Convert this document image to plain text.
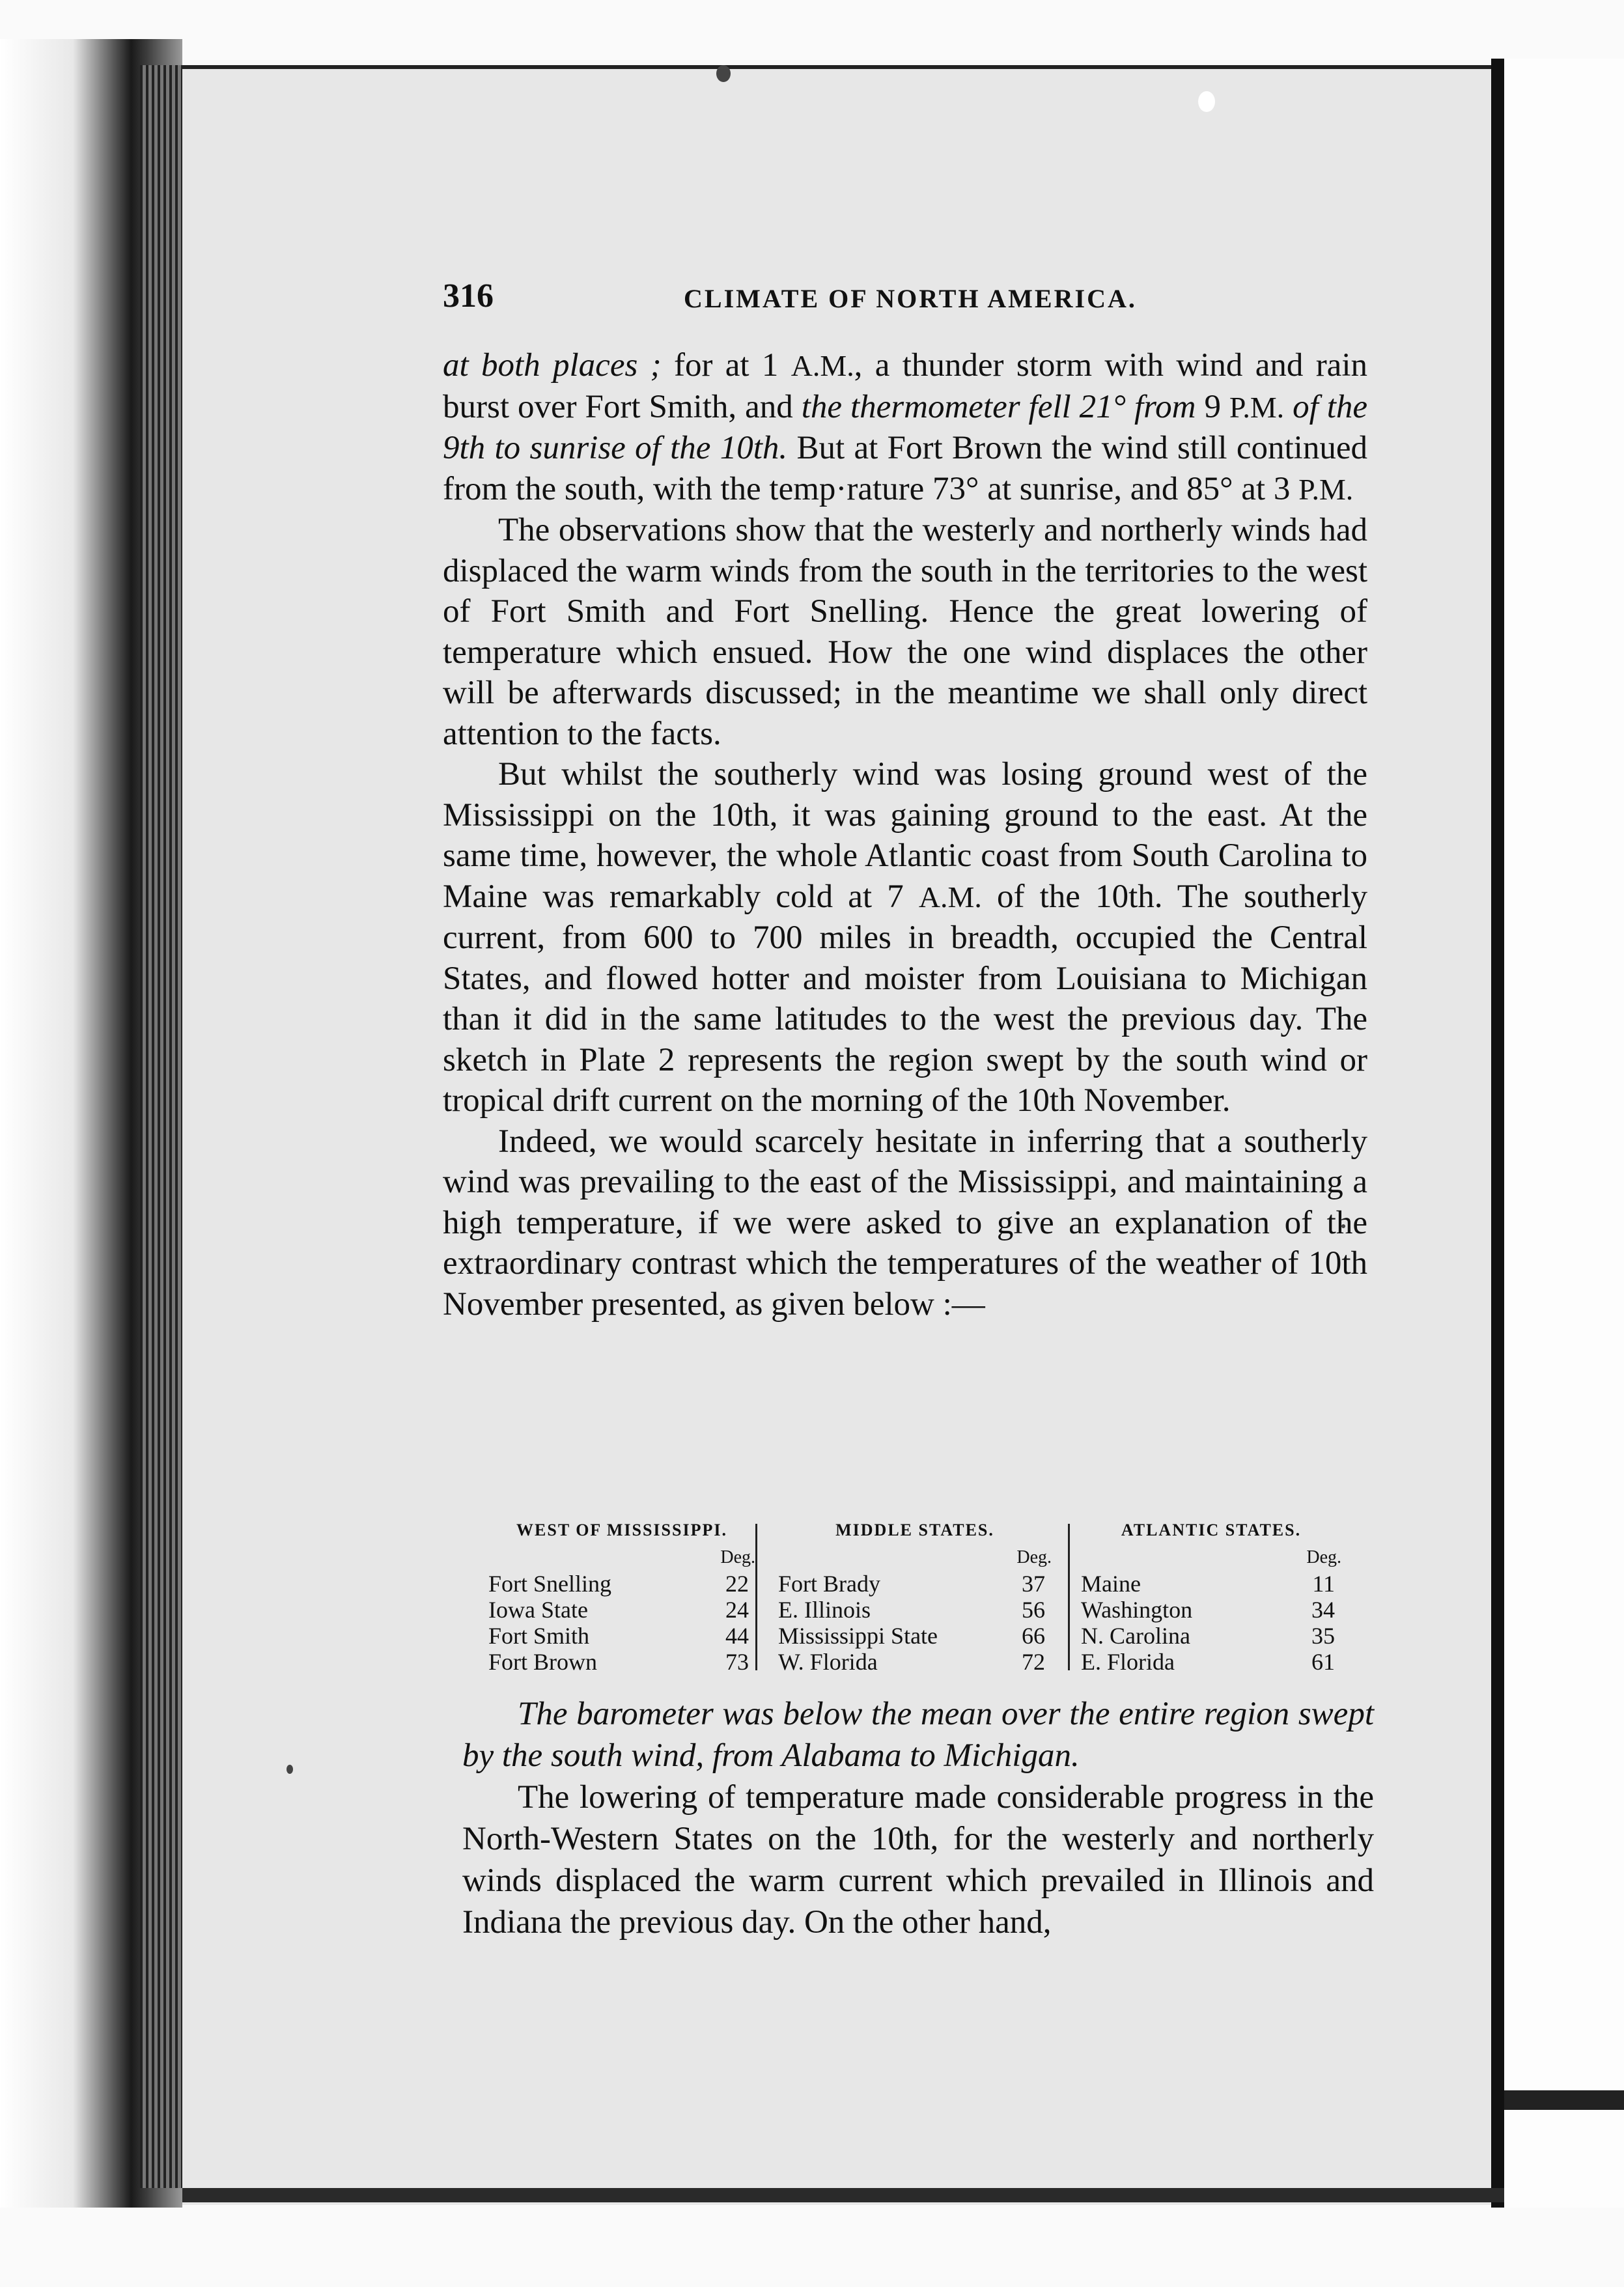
316	CLIMATE OF NORTH AMERICA.

at both places ; for at 1 A.M., a thunder storm with wind and rain burst over Fort Smith, and the thermometer fell 21° from 9 P.M. of the 9th to sunrise of the 10th. But at Fort Brown the wind still continued from the south, with the temp·rature 73° at sunrise, and 85° at 3 P.M.

The observations show that the westerly and northerly winds had displaced the warm winds from the south in the territories to the west of Fort Smith and Fort Snelling. Hence the great lowering of temperature which ensued. How the one wind displaces the other will be afterwards discussed; in the meantime we shall only direct attention to the facts.

But whilst the southerly wind was losing ground west of the Mississippi on the 10th, it was gaining ground to the east. At the same time, however, the whole Atlantic coast from South Carolina to Maine was remarkably cold at 7 A.M. of the 10th. The southerly current, from 600 to 700 miles in breadth, occupied the Central States, and flowed hotter and moister from Louisiana to Michigan than it did in the same latitudes to the west the previous day. The sketch in Plate 2 represents the region swept by the south wind or tropical drift current on the morning of the 10th November.

Indeed, we would scarcely hesitate in inferring that a southerly wind was prevailing to the east of the Mississippi, and maintaining a high temperature, if we were asked to give an explanation of the extraordinary contrast which the temperatures of the weather of 10th November presented, as given below :—

WEST OF MISSISSIPPI.
Deg.
Fort Snelling	22
Iowa State	24
Fort Smith	44
Fort Brown	73
MIDDLE STATES.
Deg.
Fort Brady	37
E. Illinois	56
Mississippi State	66
W. Florida	72
ATLANTIC STATES.
Deg.
Maine	11
Washington	34
N. Carolina	35
E. Florida	61

The barometer was below the mean over the entire region swept by the south wind, from Alabama to Michigan.

The lowering of temperature made considerable progress in the North-Western States on the 10th, for the westerly and northerly winds displaced the warm current which prevailed in Illinois and Indiana the previous day. On the other hand,
